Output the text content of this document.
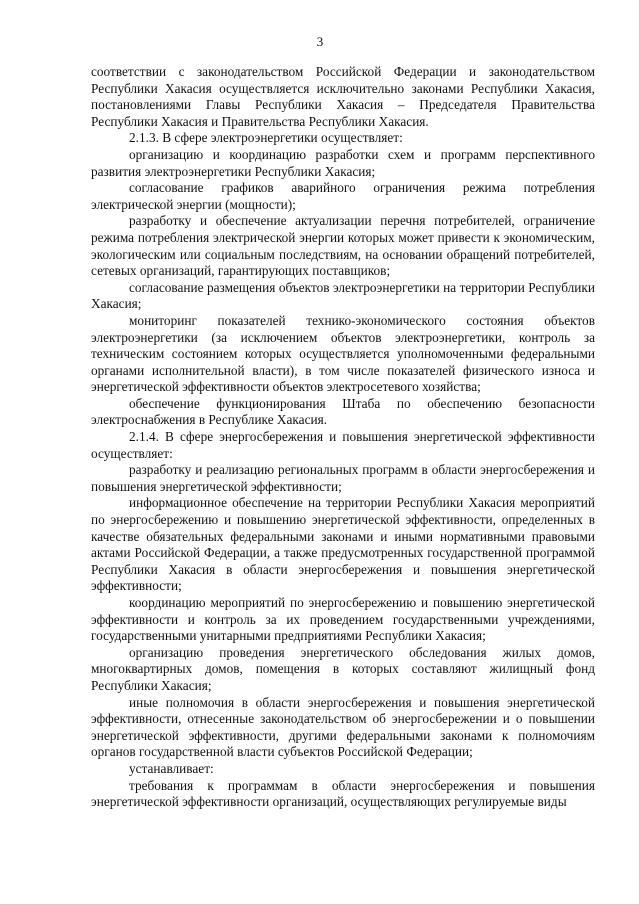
3

соответствии с законодательством Российской Федерации и законодательством Республики Хакасия осуществляется исключительно законами Республики Хакасия, постановлениями Главы Республики Хакасия – Председателя Правительства Республики Хакасия и Правительства Республики Хакасия.

2.1.3. В сфере электроэнергетики осуществляет:

организацию и координацию разработки схем и программ перспективного развития электроэнергетики Республики Хакасия;

согласование графиков аварийного ограничения режима потребления электрической энергии (мощности);

разработку и обеспечение актуализации перечня потребителей, ограничение режима потребления электрической энергии которых может привести к экономическим, экологическим или социальным последствиям, на основании обращений потребителей, сетевых организаций, гарантирующих поставщиков;

согласование размещения объектов электроэнергетики на территории Республики Хакасия;

мониторинг показателей технико-экономического состояния объектов электроэнергетики (за исключением объектов электроэнергетики, контроль за техническим состоянием которых осуществляется уполномоченными федеральными органами исполнительной власти), в том числе показателей физического износа и энергетической эффективности объектов электросетевого хозяйства;

обеспечение функционирования Штаба по обеспечению безопасности электроснабжения в Республике Хакасия.

2.1.4. В сфере энергосбережения и повышения энергетической эффективности осуществляет:

разработку и реализацию региональных программ в области энергосбережения и повышения энергетической эффективности;

информационное обеспечение на территории Республики Хакасия мероприятий по энергосбережению и повышению энергетической эффективности, определенных в качестве обязательных федеральными законами и иными нормативными правовыми актами Российской Федерации, а также предусмотренных государственной программой Республики Хакасия в области энергосбережения и повышения энергетической эффективности;

координацию мероприятий по энергосбережению и повышению энергетической эффективности и контроль за их проведением государственными учреждениями, государственными унитарными предприятиями Республики Хакасия;

организацию проведения энергетического обследования жилых домов, многоквартирных домов, помещения в которых составляют жилищный фонд Республики Хакасия;

иные полномочия в области энергосбережения и повышения энергетической эффективности, отнесенные законодательством об энергосбережении и о повышении энергетической эффективности, другими федеральными законами к полномочиям органов государственной власти субъектов Российской Федерации;

устанавливает:

требования к программам в области энергосбережения и повышения энергетической эффективности организаций, осуществляющих регулируемые виды
